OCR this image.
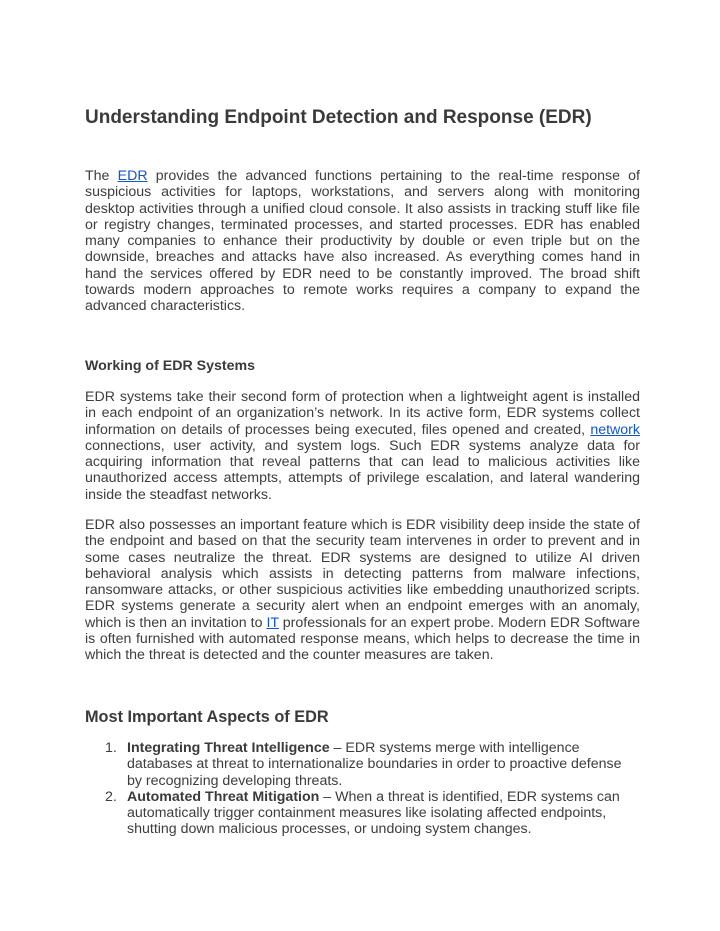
Understanding Endpoint Detection and Response (EDR)

The EDR provides the advanced functions pertaining to the real-time response of suspicious activities for laptops, workstations, and servers along with monitoring desktop activities through a unified cloud console. It also assists in tracking stuff like file or registry changes, terminated processes, and started processes. EDR has enabled many companies to enhance their productivity by double or even triple but on the downside, breaches and attacks have also increased. As everything comes hand in hand the services offered by EDR need to be constantly improved. The broad shift towards modern approaches to remote works requires a company to expand the advanced characteristics.

Working of EDR Systems

EDR systems take their second form of protection when a lightweight agent is installed in each endpoint of an organization’s network. In its active form, EDR systems collect information on details of processes being executed, files opened and created, network connections, user activity, and system logs. Such EDR systems analyze data for acquiring information that reveal patterns that can lead to malicious activities like unauthorized access attempts, attempts of privilege escalation, and lateral wandering inside the steadfast networks.

EDR also possesses an important feature which is EDR visibility deep inside the state of the endpoint and based on that the security team intervenes in order to prevent and in some cases neutralize the threat. EDR systems are designed to utilize AI driven behavioral analysis which assists in detecting patterns from malware infections, ransomware attacks, or other suspicious activities like embedding unauthorized scripts. EDR systems generate a security alert when an endpoint emerges with an anomaly, which is then an invitation to IT professionals for an expert probe. Modern EDR Software is often furnished with automated response means, which helps to decrease the time in which the threat is detected and the counter measures are taken.

Most Important Aspects of EDR
1. Integrating Threat Intelligence – EDR systems merge with intelligence databases at threat to internationalize boundaries in order to proactive defense by recognizing developing threats.
2. Automated Threat Mitigation – When a threat is identified, EDR systems can automatically trigger containment measures like isolating affected endpoints, shutting down malicious processes, or undoing system changes.
